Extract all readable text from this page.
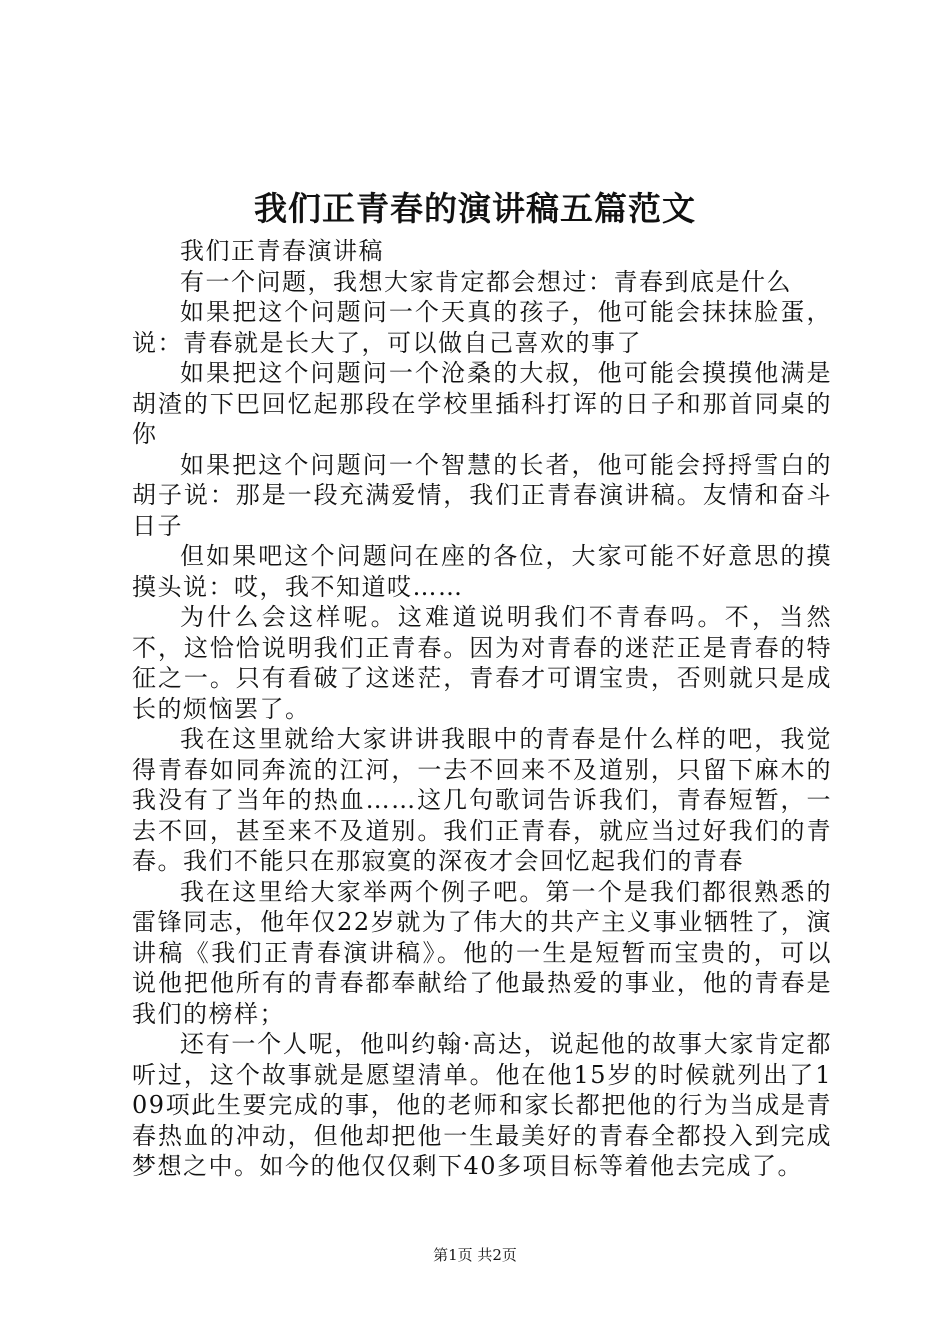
我们正青春的演讲稿五篇范文

我们正青春演讲稿

有一个问题，我想大家肯定都会想过：青春到底是什么

如果把这个问题问一个天真的孩子，他可能会抹抹脸蛋，说：青春就是长大了，可以做自己喜欢的事了

如果把这个问题问一个沧桑的大叔，他可能会摸摸他满是胡渣的下巴回忆起那段在学校里插科打诨的日子和那首同桌的你

如果把这个问题问一个智慧的长者，他可能会捋捋雪白的胡子说：那是一段充满爱情，我们正青春演讲稿。友情和奋斗日子

但如果吧这个问题问在座的各位，大家可能不好意思的摸摸头说：哎，我不知道哎……

为什么会这样呢。这难道说明我们不青春吗。不，当然不，这恰恰说明我们正青春。因为对青春的迷茫正是青春的特征之一。只有看破了这迷茫，青春才可谓宝贵，否则就只是成长的烦恼罢了。

我在这里就给大家讲讲我眼中的青春是什么样的吧，我觉得青春如同奔流的江河，一去不回来不及道别，只留下麻木的我没有了当年的热血……这几句歌词告诉我们，青春短暂，一去不回，甚至来不及道别。我们正青春，就应当过好我们的青春。我们不能只在那寂寞的深夜才会回忆起我们的青春

我在这里给大家举两个例子吧。第一个是我们都很熟悉的雷锋同志，他年仅22岁就为了伟大的共产主义事业牺牲了，演讲稿《我们正青春演讲稿》。他的一生是短暂而宝贵的，可以说他把他所有的青春都奉献给了他最热爱的事业，他的青春是我们的榜样；

还有一个人呢，他叫约翰·高达，说起他的故事大家肯定都听过，这个故事就是愿望清单。他在他15岁的时候就列出了109项此生要完成的事，他的老师和家长都把他的行为当成是青春热血的冲动，但他却把他一生最美好的青春全都投入到完成梦想之中。如今的他仅仅剩下40多项目标等着他去完成了。

第1页 共2页
